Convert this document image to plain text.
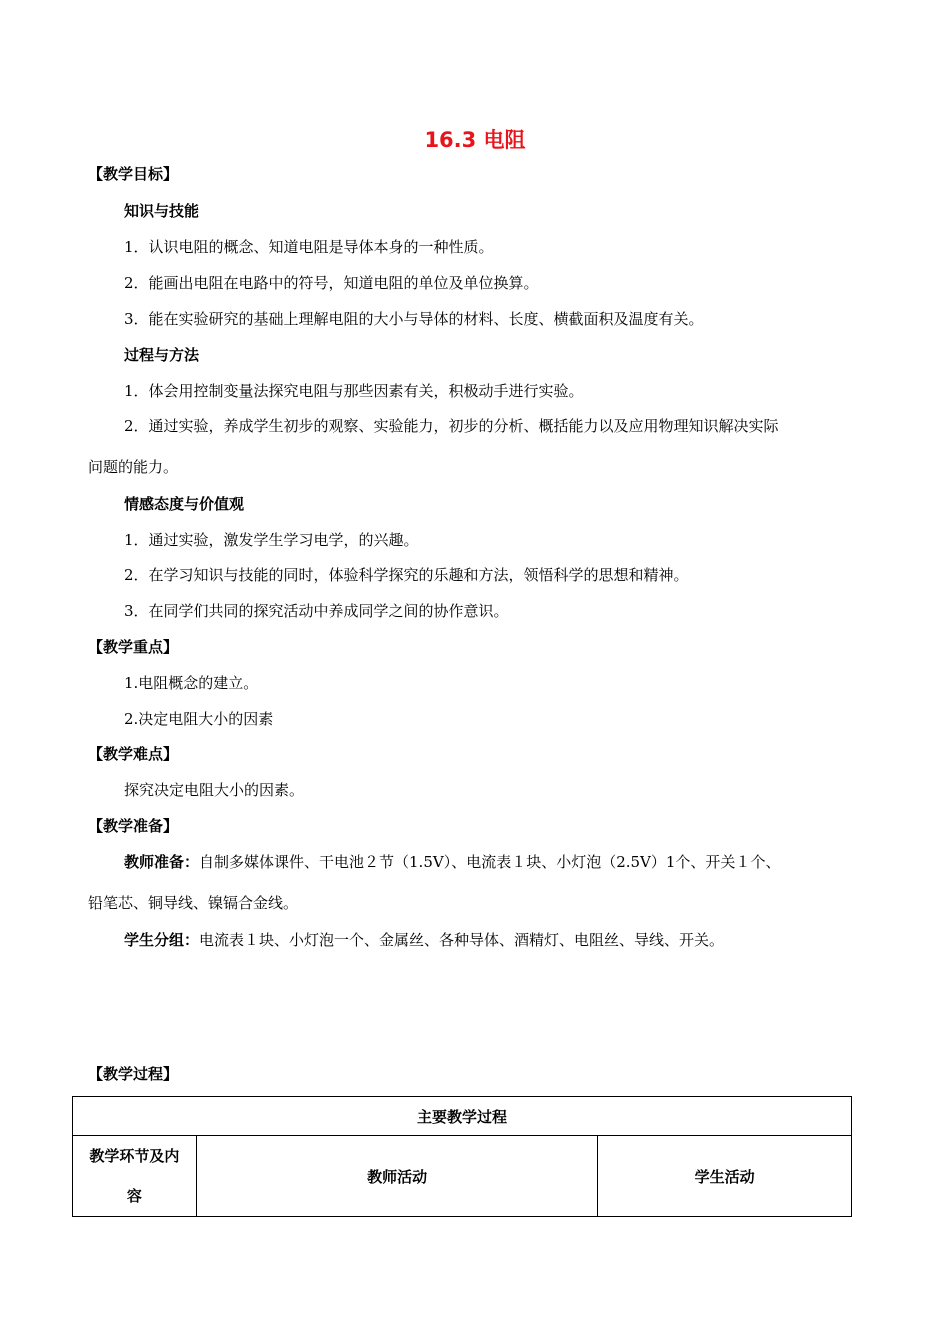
16.3 电阻
【教学目标】
知识与技能
1．认识电阻的概念、知道电阻是导体本身的一种性质。
2．能画出电阻在电路中的符号，知道电阻的单位及单位换算。
3．能在实验研究的基础上理解电阻的大小与导体的材料、长度、横截面积及温度有关。
过程与方法
1．体会用控制变量法探究电阻与那些因素有关，积极动手进行实验。
2．通过实验，养成学生初步的观察、实验能力，初步的分析、概括能力以及应用物理知识解决实际
问题的能力。
情感态度与价值观
1．通过实验，激发学生学习电学，的兴趣。
2．在学习知识与技能的同时，体验科学探究的乐趣和方法，领悟科学的思想和精神。
3．在同学们共同的探究活动中养成同学之间的协作意识。
【教学重点】
1.电阻概念的建立。
2.决定电阻大小的因素
【教学难点】
探究决定电阻大小的因素。
【教学准备】
教师准备：自制多媒体课件、干电池２节（1.5V）、电流表１块、小灯泡（2.5V）1个、开关１个、
铅笔芯、铜导线、镍镉合金线。
学生分组：电流表１块、小灯泡一个、金属丝、各种导体、酒精灯、电阻丝、导线、开关。
【教学过程】
主要教学过程

教学环节及内
容
	教师活动	学生活动
